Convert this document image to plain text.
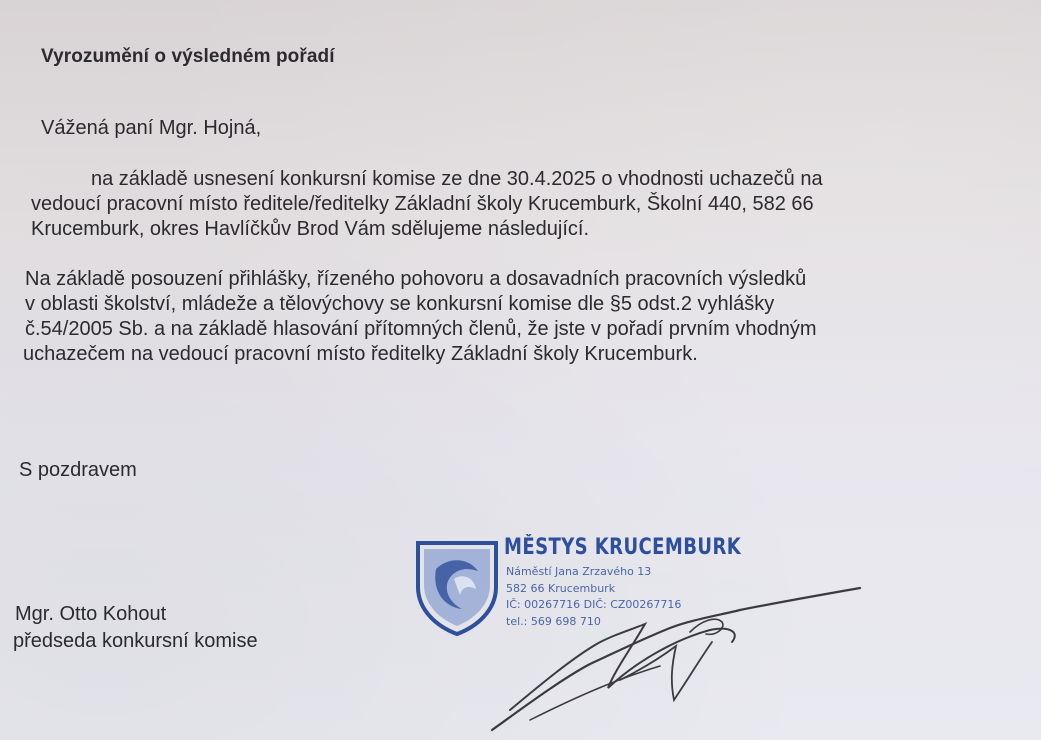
Vyrozumění o výsledném pořadí
Vážená paní Mgr. Hojná,
na základě usnesení konkursní komise ze dne 30.4.2025 o vhodnosti uchazečů na
vedoucí pracovní místo ředitele/ředitelky Základní školy Krucemburk, Školní 440, 582 66
Krucemburk, okres Havlíčkův Brod Vám sdělujeme následující.
Na základě posouzení přihlášky, řízeného pohovoru a dosavadních pracovních výsledků
v oblasti školství, mládeže a tělovýchovy se konkursní komise dle §5 odst.2 vyhlášky
č.54/2005 Sb. a na základě hlasování přítomných členů, že jste v pořadí prvním vhodným
uchazečem na vedoucí pracovní místo ředitelky Základní školy Krucemburk.
S pozdravem
Mgr. Otto Kohout
předseda konkursní komise
MĚSTYS KRUCEMBURK
Náměstí Jana Zrzavého 13
582 66 Krucemburk
IČ: 00267716 DIČ: CZ00267716
tel.: 569 698 710
